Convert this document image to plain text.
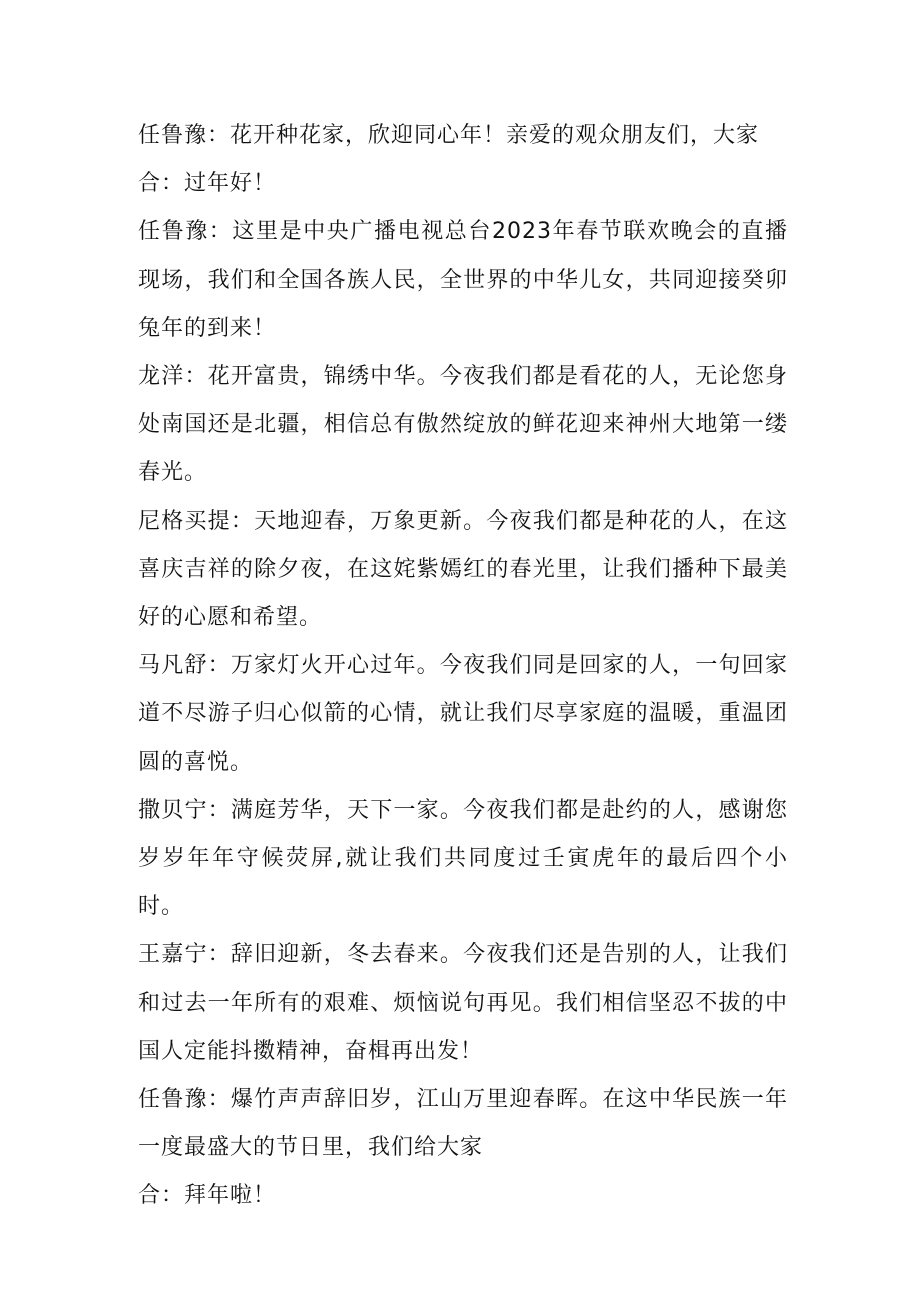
任鲁豫：花开种花家，欣迎同心年！亲爱的观众朋友们，大家

合：过年好！

任鲁豫：这里是中央广播电视总台2023年春节联欢晚会的直播现场，我们和全国各族人民，全世界的中华儿女，共同迎接癸卯兔年的到来！

龙洋：花开富贵，锦绣中华。今夜我们都是看花的人，无论您身处南国还是北疆，相信总有傲然绽放的鲜花迎来神州大地第一缕春光。

尼格买提：天地迎春，万象更新。今夜我们都是种花的人，在这喜庆吉祥的除夕夜，在这姹紫嫣红的春光里，让我们播种下最美好的心愿和希望。

马凡舒：万家灯火开心过年。今夜我们同是回家的人，一句回家道不尽游子归心似箭的心情，就让我们尽享家庭的温暖，重温团圆的喜悦。

撒贝宁：满庭芳华，天下一家。今夜我们都是赴约的人，感谢您岁岁年年守候荧屏,就让我们共同度过壬寅虎年的最后四个小时。

王嘉宁：辞旧迎新，冬去春来。今夜我们还是告别的人，让我们和过去一年所有的艰难、烦恼说句再见。我们相信坚忍不拔的中国人定能抖擞精神，奋楫再出发！

任鲁豫：爆竹声声辞旧岁，江山万里迎春晖。在这中华民族一年一度最盛大的节日里，我们给大家

合：拜年啦！
